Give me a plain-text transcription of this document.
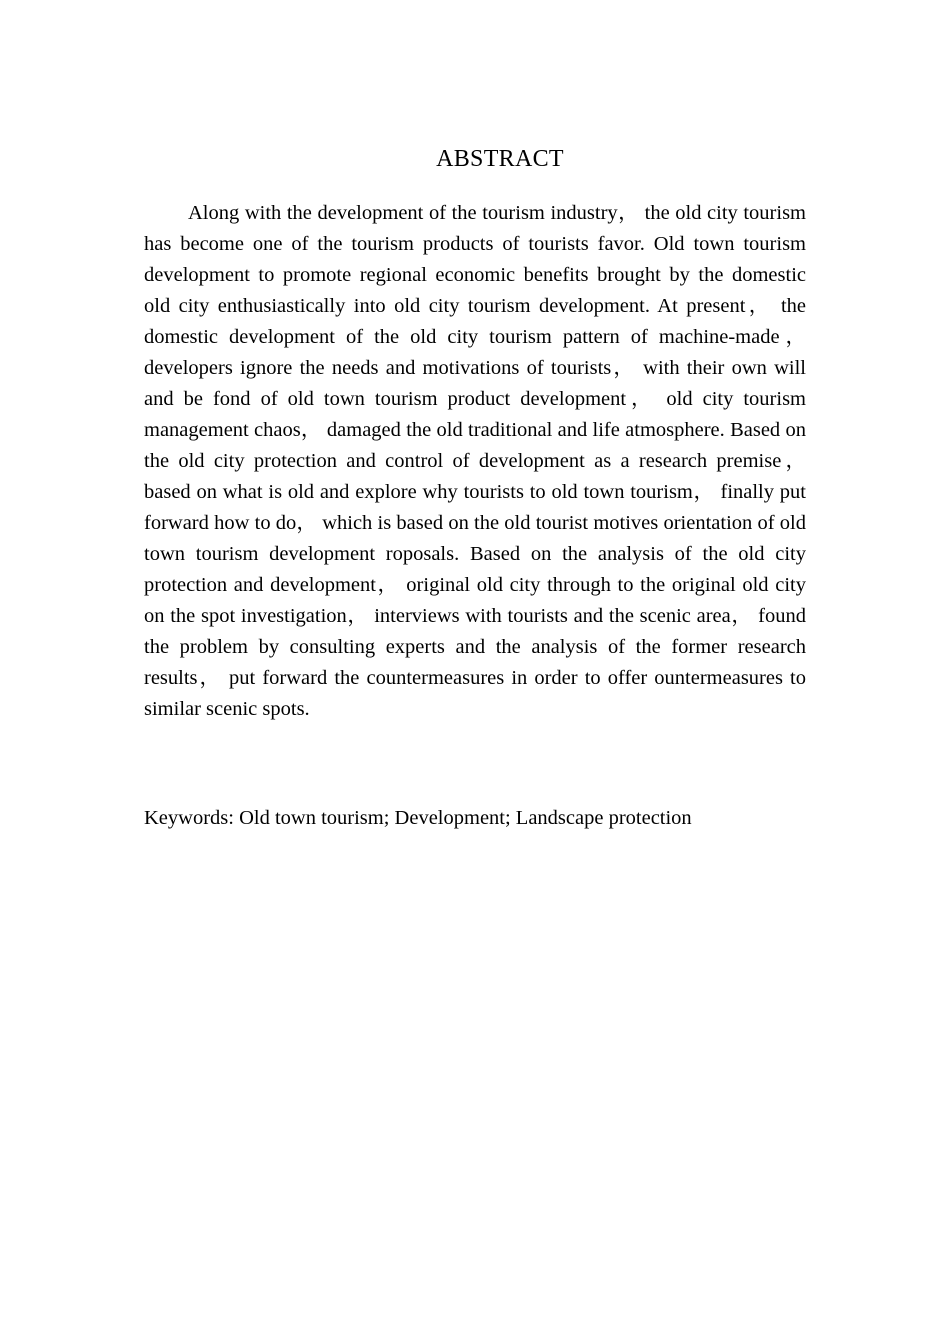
ABSTRACT

Along with the development of the tourism industry， the old city tourism has become one of the tourism products of tourists favor. Old town tourism development to promote regional economic benefits brought by the domestic old city enthusiastically into old city tourism development. At present， the domestic development of the old city tourism pattern of machine-made， developers ignore the needs and motivations of tourists， with their own will and be fond of old town tourism product development， old city tourism management chaos， damaged the old traditional and life atmosphere. Based on the old city protection and control of development as a research premise， based on what is old and explore why tourists to old town tourism， finally put forward how to do， which is based on the old tourist motives orientation of old town tourism development roposals. Based on the analysis of the old city protection and development， original old city through to the original old city on the spot investigation， interviews with tourists and the scenic area， found the problem by consulting experts and the analysis of the former research results， put forward the countermeasures in order to offer ountermeasures to similar scenic spots.

Keywords: Old town tourism; Development; Landscape protection
